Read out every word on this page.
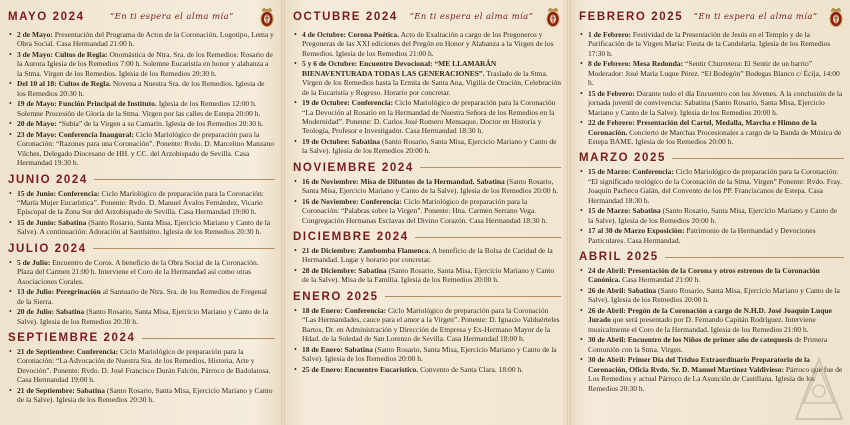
MAYO 2024	“En ti espera el alma mía”
• 2 de Mayo: Presentación del Programa de Actos de la Coronación, Logotipo, Lema y Obra Social. Casa Hermandad 21:00 h.
• 3 de Mayo: Cultos de Regla: Onomástica de Ntra. Sra. de los Remedios: Rosario de la Aurora Iglesia de los Remedios 7:00 h. Solemne Eucaristía en honor y alabanza a la Stma. Virgen de los Remedios. Iglesia de los Remedios 20:30 h.
• Del 10 al 18: Cultos de Regla. Novena a Nuestra Sra. de los Remedios. Iglesia de los Remedios 20:30 h.
• 19 de Mayo: Función Principal de Instituto. Iglesia de los Remedios 12:00 h. Solemne Procesión de Gloria de la Stma. Virgen por las calles de Estepa 20:00 h.
• 20 de Mayo: “Subía” de la Virgen a su Camarín. Iglesia de los Remedios 20:30 h.
• 23 de Mayo: Conferencia Inaugural: Ciclo Mariológico de preparación para la Coronación: “Razones para una Coronación”. Ponente: Rvdo. D. Marcelino Manzano Vilches, Delegado Diocesano de HH. y CC. del Arzobispado de Sevilla. Casa Hermandad 19:30 h.
JUNIO 2024
• 15 de Junio: Conferencia: Ciclo Mariológico de preparación para la Coronación: “María Mujer Eucarística”. Ponente: Rvdo. D. Manuel Ávalos Fernández, Vicario Episcopal de la Zona Sur del Arzobispado de Sevilla. Casa Hermandad 19:00 h.
• 15 de Junio: Sabatina (Santo Rosario, Santa Misa, Ejercicio Mariano y Canto de la Salve). A continuación: Adoración al Santísimo. Iglesia de los Remedios 20:30 h.
JULIO 2024
• 5 de Julio: Encuentro de Coros. A beneficio de la Obra Social de la Coronación. Plaza del Carmen 21:00 h. Interviene el Coro de la Hermandad así como otras Asociaciones Corales.
• 13 de Julio: Peregrinación al Santuario de Ntra. Sra. de los Remedios de Fregenal de la Sierra.
• 20 de Julio: Sabatina (Santo Rosario, Santa Misa, Ejercicio Mariano y Canto de la Salve). Iglesia de los Remedios 20:30 h.
SEPTIEMBRE 2024
• 21 de Septiembre: Conferencia: Ciclo Mariológico de preparación para la Coronación: “La Advocación de Nuestra Sra. de los Remedios, Historia, Arte y Devoción”. Ponente: Rvdo. D. José Francisco Durán Falcón, Párroco de Badolatosa. Casa Hermandad 19:00 h.
• 21 de Septiembre: Sabatina (Santo Rosario, Santa Misa, Ejercicio Mariano y Canto de la Salve). Iglesia de los Remedios 20:30 h.
OCTUBRE 2024	“En ti espera el alma mía”
• 4 de Octubre: Corona Poética. Acto de Exaltación a cargo de los Pregoneros y Pregoneras de las XXI ediciones del Pregón en Honor y Alabanza a la Virgen de los Remedios. Iglesia de los Remedios 21:00 h.
• 5 y 6 de Octubre: Encuentro Devocional: “ME LLAMARÁN BIENAVENTURADA TODAS LAS GENERACIONES”. Traslado de la Stma. Virgen de los Remedios hasta la Ermita de Santa Ana, Vigilia de Oración, Celebración de la Eucaristía y Regreso. Horario por concretar.
• 19 de Octubre: Conferencia: Ciclo Mariológico de preparación para la Coronación “La Devoción al Rosario en la Hermandad de Nuestra Señora de los Remedios en la Modernidad”. Ponente: D. Carlos José Romero Mensaque, Doctor en Historia y Teología, Profesor e Investigador. Casa Hermandad 18:30 h.
• 19 de Octubre: Sabatina (Santo Rosario, Santa Misa, Ejercicio Mariano y Canto de la Salve). Iglesia de los Remedios 20:00 h.
NOVIEMBRE 2024
• 16 de Noviembre: Misa de Difuntos de la Hermandad. Sabatina (Santo Rosario, Santa Misa, Ejercicio Mariano y Canto de la Salve). Iglesia de los Remedios 20:00 h.
• 16 de Noviembre: Conferencia: Ciclo Mariológico de preparación para la Coronación: “Palabras sobre la Virgen”. Ponente: Hna. Carmen Serrano Vega. Congregación Hermanas Esclavas del Divino Corazón. Casa Hermandad 18:30 h.
DICIEMBRE 2024
• 21 de Diciembre: Zambomba Flamenca. A beneficio de la Bolsa de Caridad de la Hermandad. Lugar y horario por concretar.
• 28 de Diciembre: Sabatina (Santo Rosario, Santa Misa, Ejercicio Mariano y Canto de la Salve). Misa de la Familia. Iglesia de los Remedios 20:00 h.
ENERO 2025
• 18 de Enero: Conferencia: Ciclo Mariológico de preparación para la Coronación “Las Hermandades, cauce para el amor a la Virgen”. Ponente: D. Ignacio Valduérteles Bartos, Dr. en Administración y Dirección de Empresa y Ex-Hermano Mayor de la Hdad. de la Soledad de San Lorenzo de Sevilla. Casa Hermandad 18:00 h.
• 18 de Enero: Sabatina (Santo Rosario, Santa Misa, Ejercicio Mariano y Canto de la Salve). Iglesia de los Remedios 20:00 h.
• 25 de Enero: Encuentro Eucarístico. Convento de Santa Clara. 18:00 h.
FEBRERO 2025	“En ti espera el alma mía”
• 1 de Febrero: Festividad de la Presentación de Jesús en el Templo y de la Purificación de la Virgen María: Fiesta de la Candelaria. Iglesia de los Remedios 17:30 h.
• 8 de Febrero: Mesa Redonda: “Sentir Churretera: El Sentir de un barrio” Moderador: José María Luque Pérez. “El Bodegón” Bodegas Blanco c/ Écija, 14:00 h.
• 15 de Febrero: Durante todo el día Encuentro con los Jóvenes. A la conclusión de la jornada juvenil de convivencia: Sabatina (Santo Rosario, Santa Misa, Ejercicio Mariano y Canto de la Salve). Iglesia de los Remedios 20:00 h.
• 22 de Febrero: Presentación del Cartel, Medalla, Marcha e Himno de la Coronación. Concierto de Marchas Procesionales a cargo de la Banda de Música de Estepa BAME. Iglesia de los Remedios 20:00 h.
MARZO 2025
• 15 de Marzo: Conferencia: Ciclo Mariológico de preparación para la Coronación: “El significado teológico de la Coronación de la Stma. Virgen” Ponente: Rvdo. Fray. Joaquín Pacheco Galán, del Convento de los PP. Franciscanos de Estepa. Casa Hermandad 18:30 h.
• 15 de Marzo: Sabatina (Santo Rosario, Santa Misa, Ejercicio Mariano y Canto de la Salve). Iglesia de los Remedios 20:00 h.
• 17 al 30 de Marzo Exposición: Patrimonio de la Hermandad y Devociones Particulares. Casa Hermandad.
ABRIL 2025
• 24 de Abril: Presentación de la Corona y otros estrenos de la Coronación Canónica. Casa Hermandad 21:00 h.
• 26 de Abril: Sabatina (Santo Rosario, Santa Misa, Ejercicio Mariano y Canto de la Salve). Iglesia de los Remedios 20:00 h.
• 26 de Abril: Pregón de la Coronación a cargo de N.H.D. José Joaquín Luque Jurado que será presentado por D. Fernando Capitán Rodríguez. Interviene musicalmente el Coro de la Hermandad. Iglesia de los Remedios 21:00 h.
• 30 de Abril: Encuentro de los Niños de primer año de catequesis de Primera Comunión con la Stma. Virgen.
• 30 de Abril: Primer Día del Triduo Extraordinario Preparatorio de la Coronación, Oficia Rvdo. Sr. D. Manuel Martínez Valdivieso: Párroco que fue de Los Remedios y actual Párroco de La Asunción de Castillana. Iglesia de los Remedios 20:30 h.
